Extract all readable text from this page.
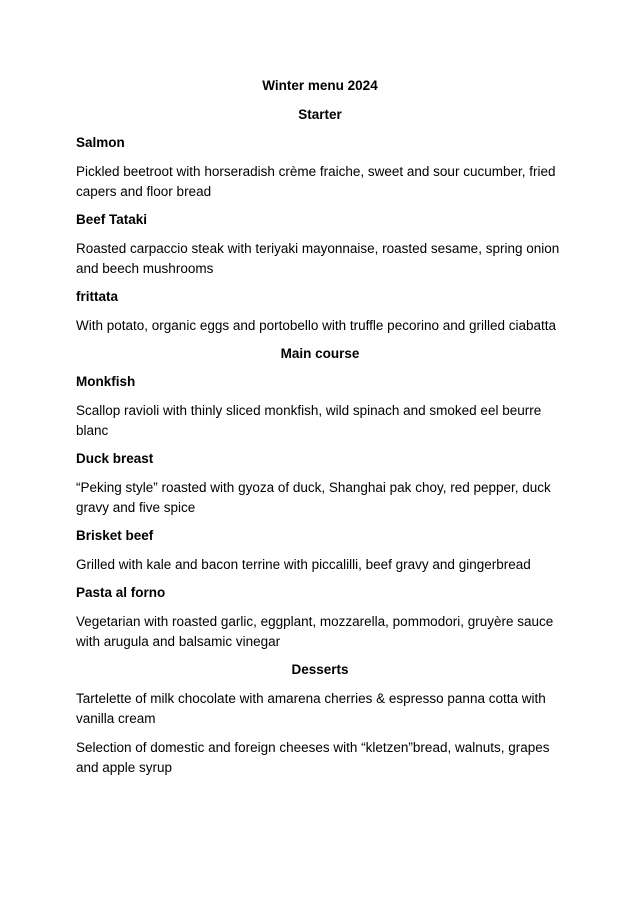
Winter menu 2024
Starter
Salmon
Pickled beetroot with horseradish crème fraiche, sweet and sour cucumber, fried capers and floor bread
Beef Tataki
Roasted carpaccio steak with teriyaki mayonnaise, roasted sesame, spring onion and beech mushrooms
frittata
With potato, organic eggs and portobello with truffle pecorino and grilled ciabatta
Main course
Monkfish
Scallop ravioli with thinly sliced monkfish, wild spinach and smoked eel beurre blanc
Duck breast
“Peking style” roasted with gyoza of duck, Shanghai pak choy, red pepper, duck gravy and five spice
Brisket beef
Grilled with kale and bacon terrine with piccalilli, beef gravy and gingerbread
Pasta al forno
Vegetarian with roasted garlic, eggplant, mozzarella, pommodori, gruyère sauce with arugula and balsamic vinegar
Desserts
Tartelette of milk chocolate with amarena cherries & espresso panna cotta with vanilla cream
Selection of domestic and foreign cheeses with “kletzen”bread, walnuts, grapes and apple syrup
